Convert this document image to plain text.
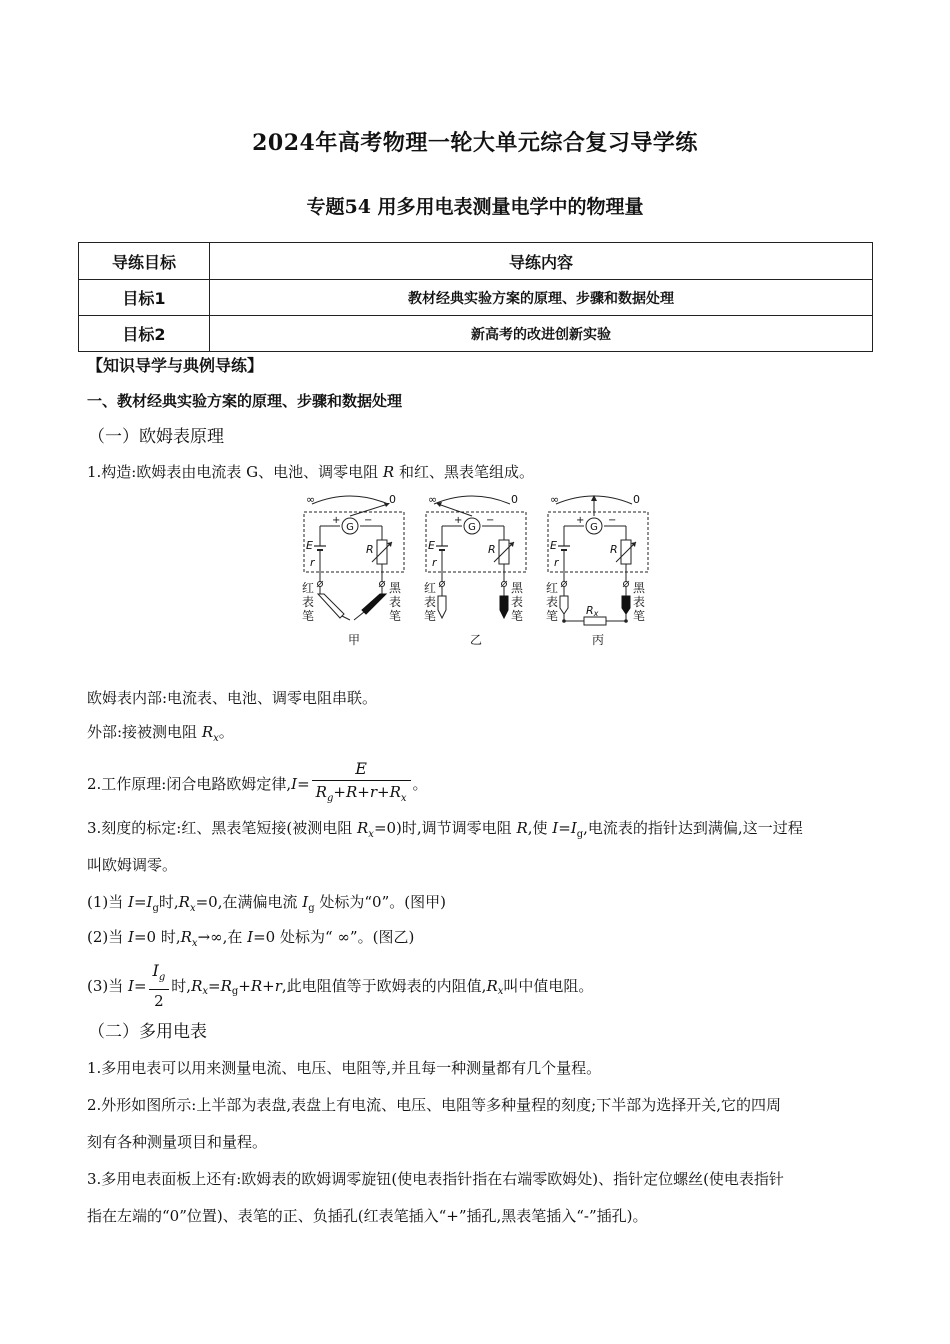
2024年高考物理一轮大单元综合复习导学练
专题54 用多用电表测量电学中的物理量
导练目标	导练内容
目标1	教材经典实验方案的原理、步骤和数据处理
目标2	新高考的改进创新实验
【知识导学与典例导练】
一、教材经典实验方案的原理、步骤和数据处理
（一）欧姆表原理
1.构造:欧姆表由电流表 G、电池、调零电阻 R 和红、黑表笔组成。
∞	0
G
+ −
E
r
R
红
表
笔
黑
表
笔
甲
∞	0
G
+ −
E
r
R
红
表
笔
黑
表
笔
乙
∞	0
G
+ −
E
r
R
红
表
笔
黑
表
笔
丙
Rx
欧姆表内部:电流表、电池、调零电阻串联。
外部:接被测电阻 $R_x$。
2.工作原理:闭合电路欧姆定律$,I= \frac{E}{R_g+R+r+R_x}$ 。
3.刻度的标定:红、黑表笔短接(被测电阻 $R_x=0$)时,调节调零电阻 R,使 $I=I_g$,电流表的指针达到满偏,这一过程
叫欧姆调零。
(1)当 $I=I_g$时$,R_x=0$,在满偏电流 $I_g$ 处标为“0”。(图甲)
(2)当 I=0 时$,R_x\to\infty$,在 I=0 处标为“ ∞”。(图乙)
(3)当 $I= \frac{I_g}{2}$ 时$,R_x=R_g+R+r$,此电阻值等于欧姆表的内阻值$,R_x$叫中值电阻。
（二）多用电表
1.多用电表可以用来测量电流、电压、电阻等,并且每一种测量都有几个量程。
2.外形如图所示:上半部为表盘,表盘上有电流、电压、电阻等多种量程的刻度;下半部为选择开关,它的四周
刻有各种测量项目和量程。
3.多用电表面板上还有:欧姆表的欧姆调零旋钮(使电表指针指在右端零欧姆处)、指针定位螺丝(使电表指针
指在左端的“0”位置)、表笔的正、负插孔(红表笔插入“+”插孔,黑表笔插入“-”插孔)。
